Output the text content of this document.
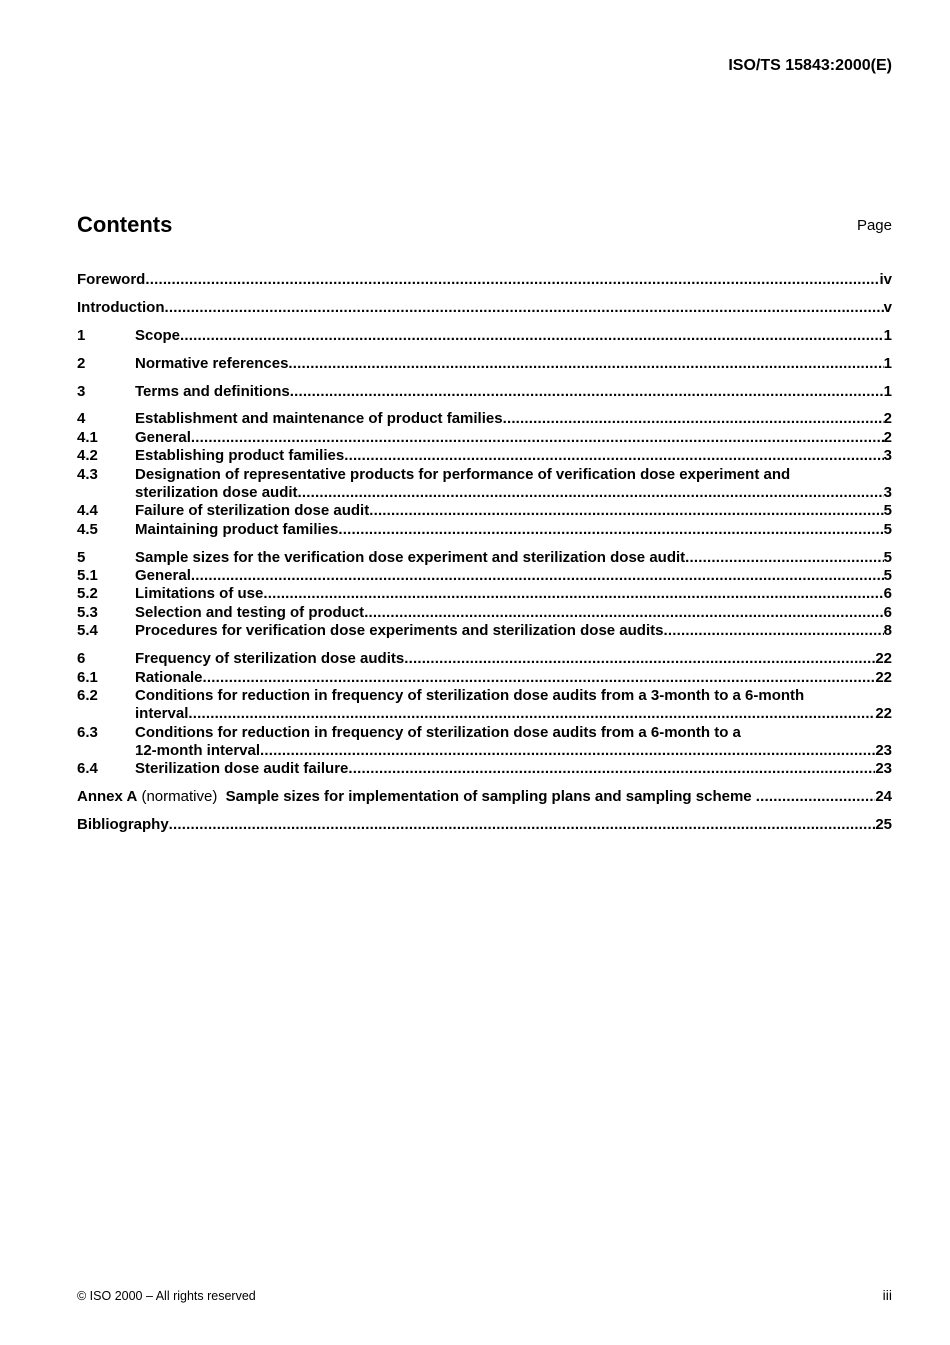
ISO/TS 15843:2000(E)
Contents	Page
Foreword .....	iv
Introduction .....	v
1	Scope .....	1
2	Normative references .....	1
3	Terms and definitions .....	1
4	Establishment and maintenance of product families .....	2
4.1 General .....	2
4.2 Establishing product families .....	3
4.3 Designation of representative products for performance of verification dose experiment and
sterilization dose audit .....	3
4.4 Failure of sterilization dose audit .....	5
4.5 Maintaining product families .....	5
5	Sample sizes for the verification dose experiment and sterilization dose audit .....	5
5.1 General .....	5
5.2 Limitations of use .....	6
5.3 Selection and testing of product .....	6
5.4 Procedures for verification dose experiments and sterilization dose audits .....	8
6	Frequency of sterilization dose audits .....	22
6.1 Rationale .....	22
6.2 Conditions for reduction in frequency of sterilization dose audits from a 3-month to a 6-month
interval .....	22
6.3 Conditions for reduction in frequency of sterilization dose audits from a 6-month to a
12-month interval .....	23
6.4 Sterilization dose audit failure .....	23
Annex A (normative)  Sample sizes for implementation of sampling plans and sampling scheme .....	24
Bibliography .....	25
© ISO 2000 – All rights reserved	iii
